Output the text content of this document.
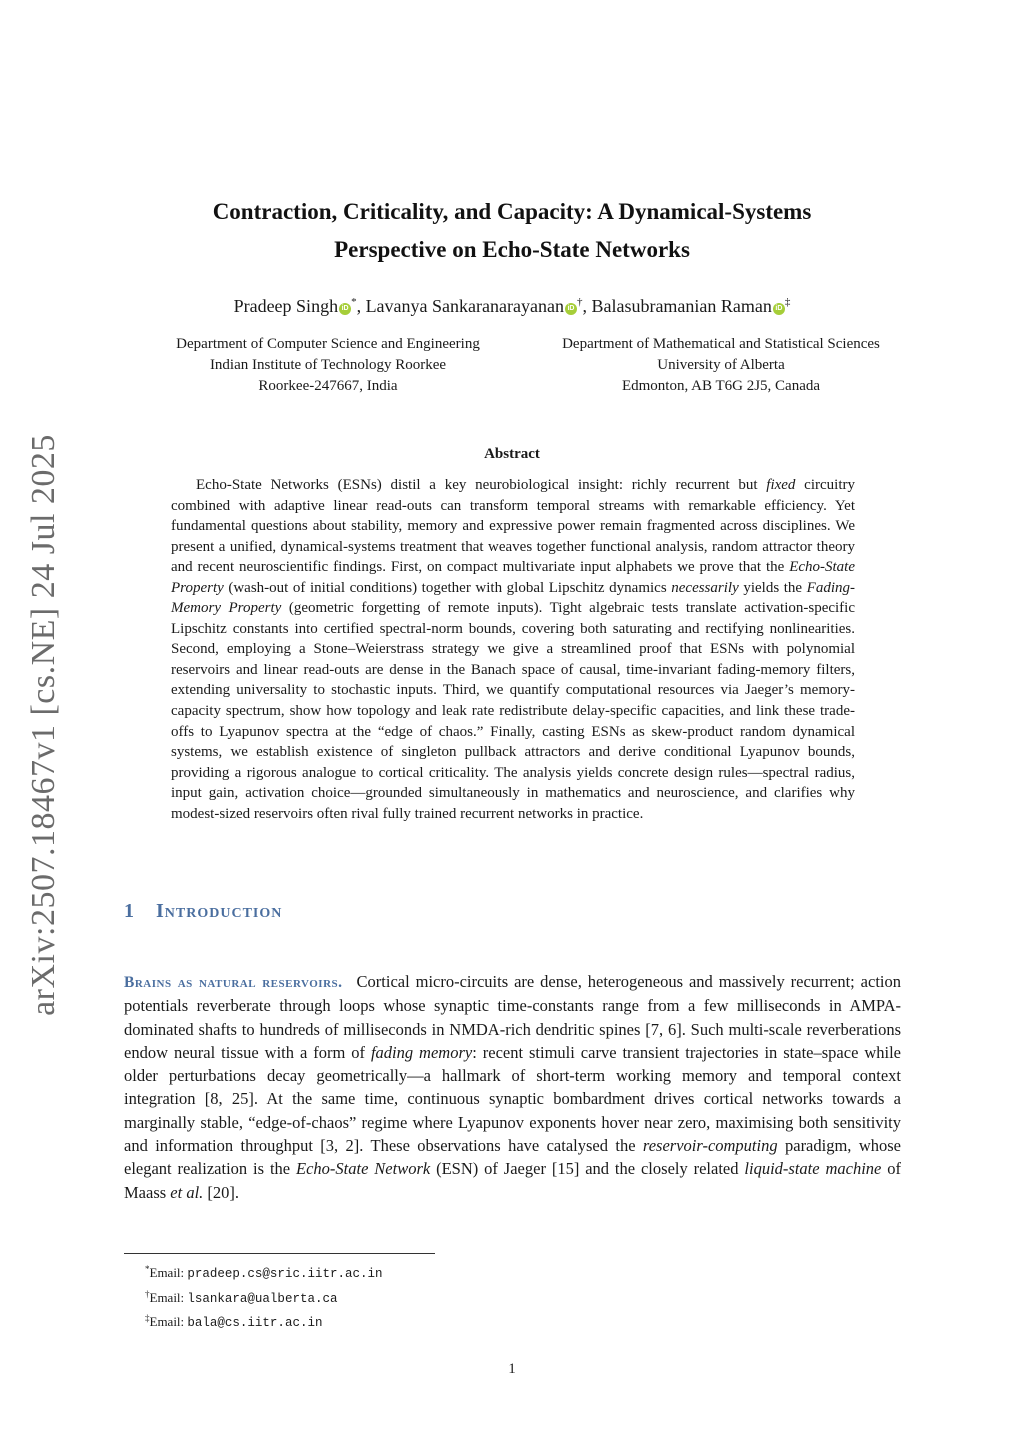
arXiv:2507.18467v1 [cs.NE] 24 Jul 2025
Contraction, Criticality, and Capacity: A Dynamical-Systems
Perspective on Echo-State Networks
Pradeep Singh iD*, Lavanya Sankaranarayanan iD†, Balasubramanian Raman iD‡
Department of Computer Science and Engineering
Indian Institute of Technology Roorkee
Roorkee-247667, India
Department of Mathematical and Statistical Sciences
University of Alberta
Edmonton, AB T6G 2J5, Canada
Abstract
Echo-State Networks (ESNs) distil a key neurobiological insight: richly recurrent but fixed circuitry combined with adaptive linear read-outs can transform temporal streams with remarkable efficiency. Yet fundamental questions about stability, memory and expressive power remain fragmented across disciplines. We present a unified, dynamical-systems treatment that weaves together functional analysis, random attractor theory and recent neuroscientific findings. First, on compact multivariate input alphabets we prove that the Echo-State Property (wash-out of initial conditions) together with global Lipschitz dynamics necessarily yields the Fading-Memory Property (geometric forgetting of remote inputs). Tight algebraic tests translate activation-specific Lipschitz constants into certified spectral-norm bounds, covering both saturating and rectifying nonlinearities. Second, employing a Stone–Weierstrass strategy we give a streamlined proof that ESNs with polynomial reservoirs and linear read-outs are dense in the Banach space of causal, time-invariant fading-memory filters, extending universality to stochastic inputs. Third, we quantify computational resources via Jaeger’s memory-capacity spectrum, show how topology and leak rate redistribute delay-specific capacities, and link these trade-offs to Lyapunov spectra at the “edge of chaos.” Finally, casting ESNs as skew-product random dynamical systems, we establish existence of singleton pullback attractors and derive conditional Lyapunov bounds, providing a rigorous analogue to cortical criticality. The analysis yields concrete design rules—spectral radius, input gain, activation choice—grounded simultaneously in mathematics and neuroscience, and clarifies why modest-sized reservoirs often rival fully trained recurrent networks in practice.
1 Introduction
Brains as natural reservoirs. Cortical micro-circuits are dense, heterogeneous and massively recurrent; action potentials reverberate through loops whose synaptic time-constants range from a few milliseconds in AMPA-dominated shafts to hundreds of milliseconds in NMDA-rich dendritic spines [7, 6]. Such multi-scale reverberations endow neural tissue with a form of fading memory: recent stimuli carve transient trajectories in state–space while older perturbations decay geometrically—a hallmark of short-term working memory and temporal context integration [8, 25]. At the same time, continuous synaptic bombardment drives cortical networks towards a marginally stable, “edge-of-chaos” regime where Lyapunov exponents hover near zero, maximising both sensitivity and information throughput [3, 2]. These observations have catalysed the reservoir-computing paradigm, whose elegant realization is the Echo-State Network (ESN) of Jaeger [15] and the closely related liquid-state machine of Maass et al. [20].
*Email: pradeep.cs@sric.iitr.ac.in
†Email: lsankara@ualberta.ca
‡Email: bala@cs.iitr.ac.in
1
